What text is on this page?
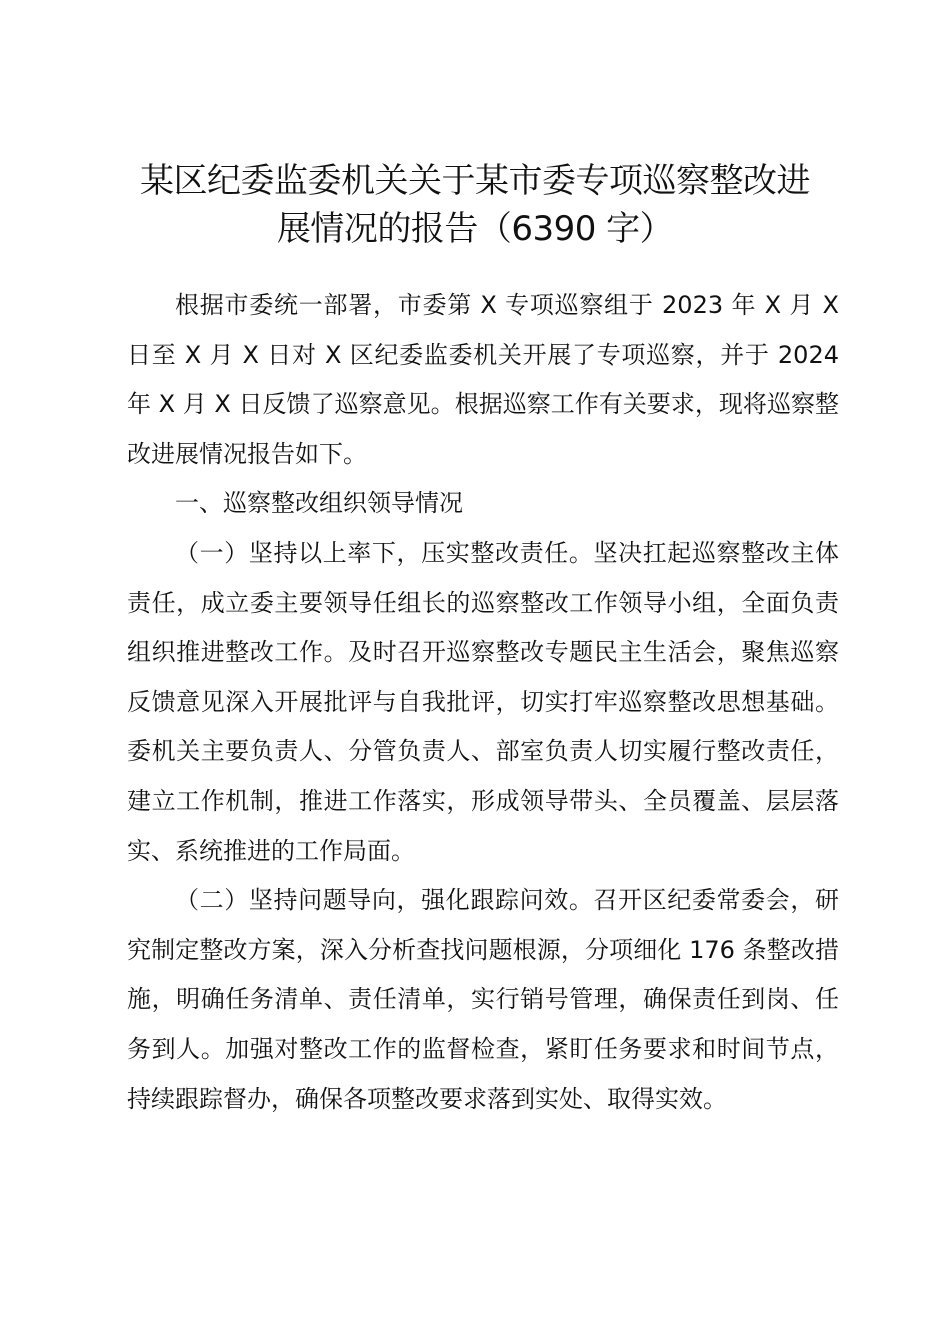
某区纪委监委机关关于某市委专项巡察整改进
展情况的报告（6390 字）

根据市委统一部署，市委第 X 专项巡察组于 2023 年 X 月 X 日至 X 月 X 日对 X 区纪委监委机关开展了专项巡察，并于 2024 年 X 月 X 日反馈了巡察意见。根据巡察工作有关要求，现将巡察整改进展情况报告如下。

一、巡察整改组织领导情况

（一）坚持以上率下，压实整改责任。坚决扛起巡察整改主体责任，成立委主要领导任组长的巡察整改工作领导小组，全面负责组织推进整改工作。及时召开巡察整改专题民主生活会，聚焦巡察反馈意见深入开展批评与自我批评，切实打牢巡察整改思想基础。委机关主要负责人、分管负责人、部室负责人切实履行整改责任，建立工作机制，推进工作落实，形成领导带头、全员覆盖、层层落实、系统推进的工作局面。

（二）坚持问题导向，强化跟踪问效。召开区纪委常委会，研究制定整改方案，深入分析查找问题根源，分项细化 176 条整改措施，明确任务清单、责任清单，实行销号管理，确保责任到岗、任务到人。加强对整改工作的监督检查，紧盯任务要求和时间节点，持续跟踪督办，确保各项整改要求落到实处、取得实效。
